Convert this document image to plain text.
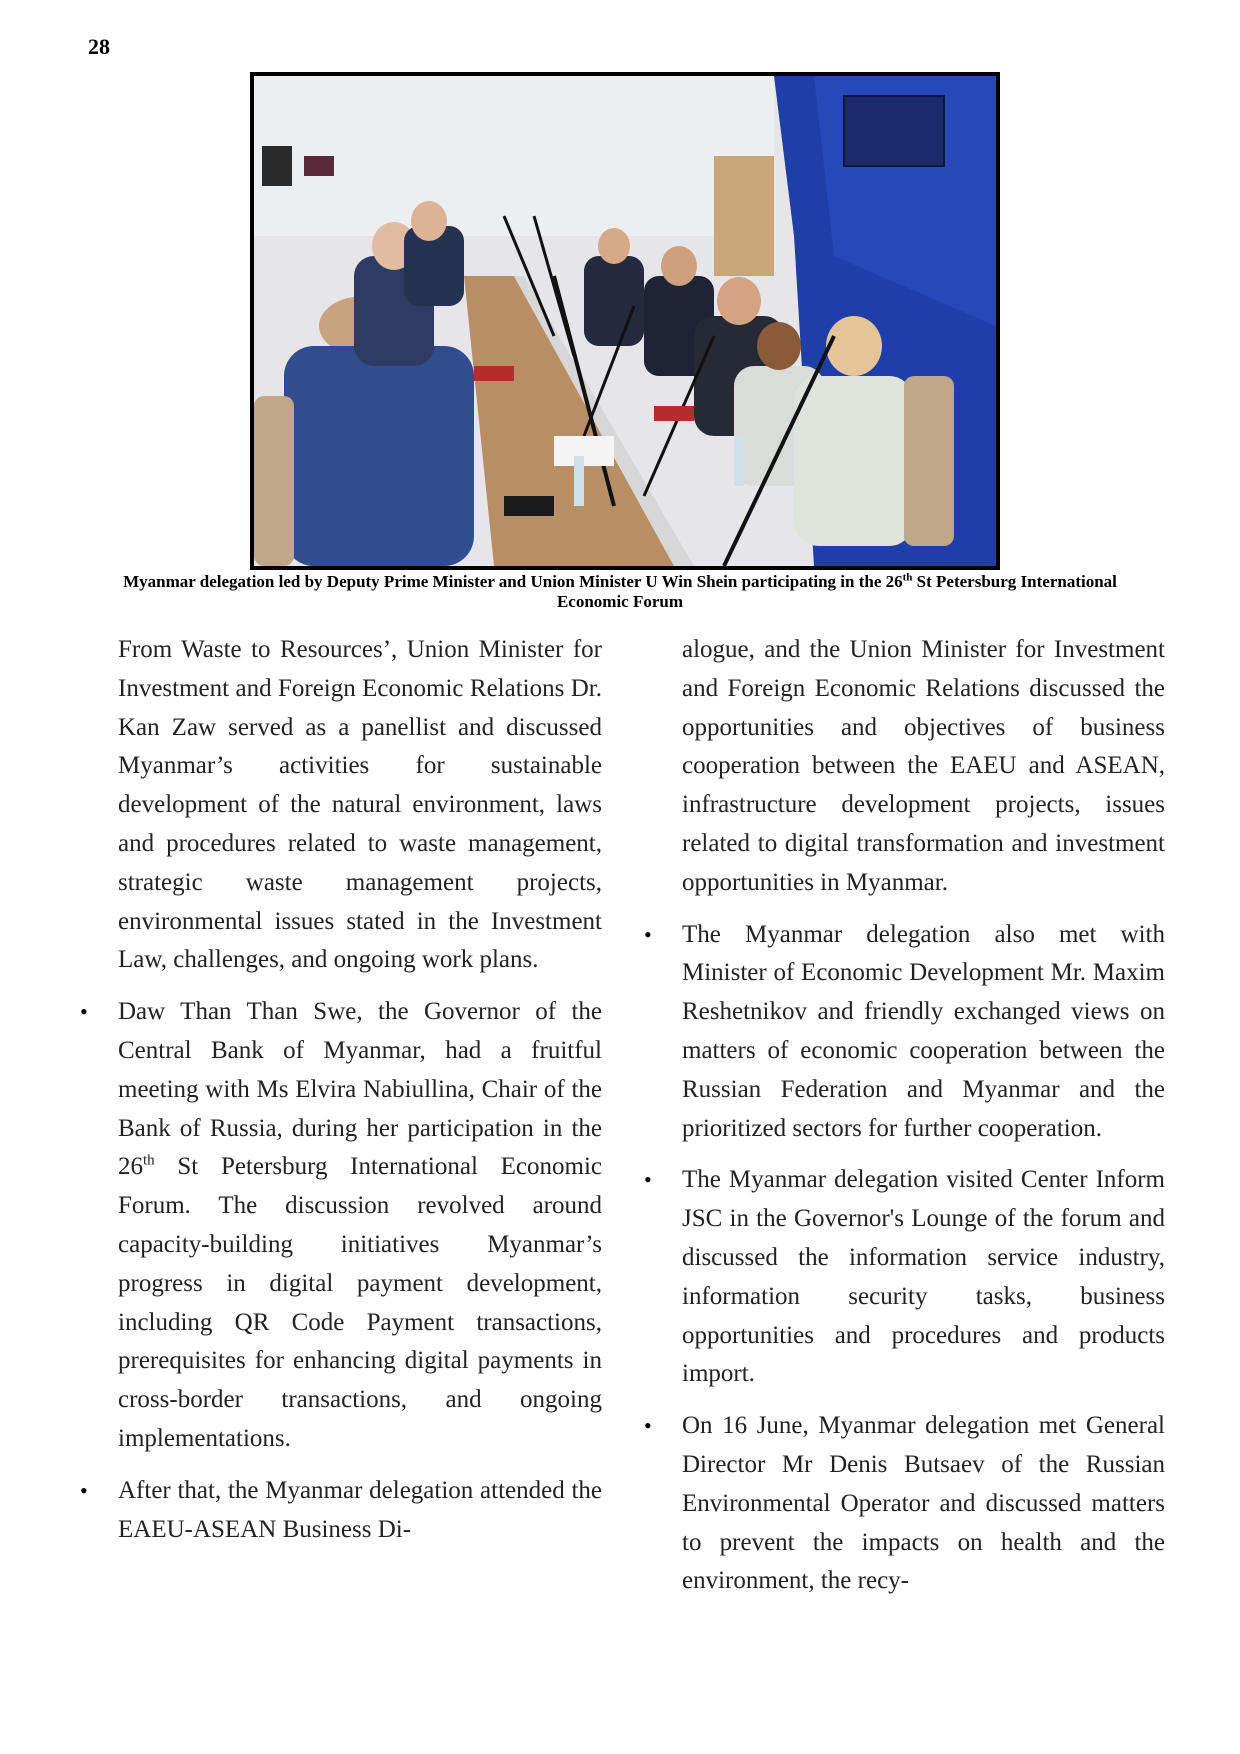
28
Myanmar delegation led by Deputy Prime Minister and Union Minister U Win Shein participating in the 26th St Petersburg International Economic Forum

From Waste to Resources’, Union Minister for Investment and Foreign Economic Relations Dr. Kan Zaw served as a panellist and discussed Myanmar’s activities for sustainable development of the natural environment, laws and procedures related to waste management, strategic waste management projects, environmental issues stated in the Investment Law, challenges, and ongoing work plans.

• Daw Than Than Swe, the Governor of the Central Bank of Myanmar, had a fruitful meeting with Ms Elvira Nabiullina, Chair of the Bank of Russia, during her participation in the 26th St Petersburg International Economic Forum. The discussion revolved around capacity-building initiatives Myanmar’s progress in digital payment development, including QR Code Payment transactions, prerequisites for enhancing digital payments in cross-border transactions, and ongoing implementations.

• After that, the Myanmar delegation attended the EAEU-ASEAN Business Di-

alogue, and the Union Minister for Investment and Foreign Economic Relations discussed the opportunities and objectives of business cooperation between the EAEU and ASEAN, infrastructure development projects, issues related to digital transformation and investment opportunities in Myanmar.

• The Myanmar delegation also met with Minister of Economic Development Mr. Maxim Reshetnikov and friendly exchanged views on matters of economic cooperation between the Russian Federation and Myanmar and the prioritized sectors for further cooperation.

• The Myanmar delegation visited Center Inform JSC in the Governor's Lounge of the forum and discussed the information service industry, information security tasks, business opportunities and procedures and products import.

• On 16 June, Myanmar delegation met General Director Mr Denis Butsaev of the Russian Environmental Operator and discussed matters to prevent the impacts on health and the environment, the recy-
